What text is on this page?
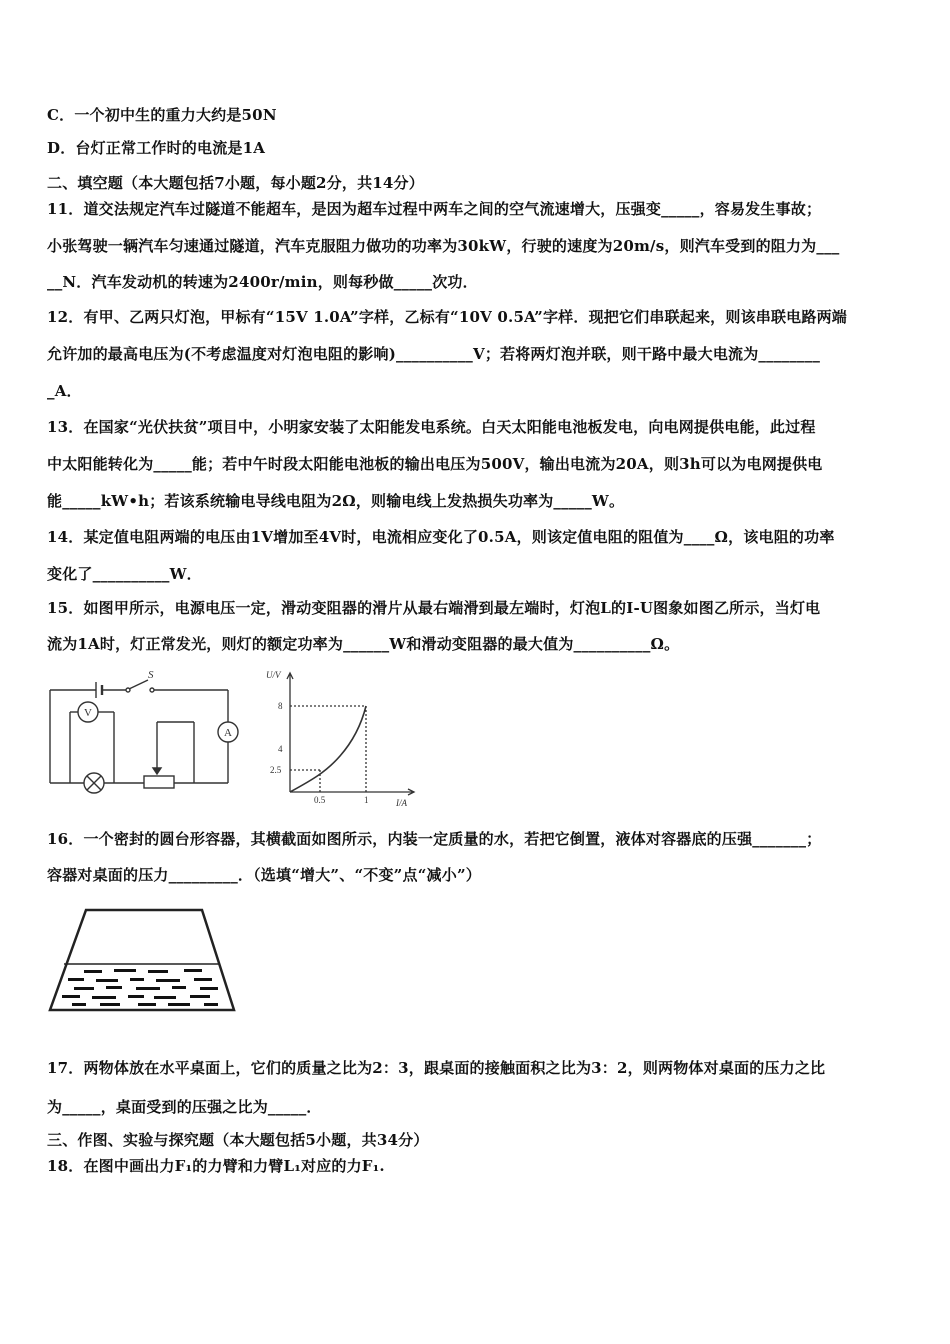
C．一个初中生的重力大约是50N
D．台灯正常工作时的电流是1A
二、填空题（本大题包括7小题，每小题2分，共14分）
11．道交法规定汽车过隧道不能超车，是因为超车过程中两车之间的空气流速增大，压强变_____，容易发生事故；
小张驾驶一辆汽车匀速通过隧道，汽车克服阻力做功的功率为30kW，行驶的速度为20m/s，则汽车受到的阻力为___
__N．汽车发动机的转速为2400r/min，则每秒做_____次功．
12．有甲、乙两只灯泡，甲标有“15V 1.0A”字样，乙标有“10V 0.5A”字样．现把它们串联起来，则该串联电路两端
允许加的最高电压为(不考虑温度对灯泡电阻的影响)__________V；若将两灯泡并联，则干路中最大电流为________
_A．
13．在国家“光伏扶贫”项目中，小明家安装了太阳能发电系统。白天太阳能电池板发电，向电网提供电能，此过程
中太阳能转化为_____能；若中午时段太阳能电池板的输出电压为500V，输出电流为20A，则3h可以为电网提供电
能_____kW•h；若该系统输电导线电阻为2Ω，则输电线上发热损失功率为_____W。
14．某定值电阻两端的电压由1V增加至4V时，电流相应变化了0.5A，则该定值电阻的阻值为____Ω，该电阻的功率
变化了__________W．
15．如图甲所示，电源电压一定，滑动变阻器的滑片从最右端滑到最左端时，灯泡L的I-U图象如图乙所示，当灯电
流为1A时，灯正常发光，则灯的额定功率为______W和滑动变阻器的最大值为__________Ω。
S
A
V
U/V
I/A
8
4
2.5
0.5	1
16．一个密封的圆台形容器，其横截面如图所示，内装一定质量的水，若把它倒置，液体对容器底的压强_______；
容器对桌面的压力_________．（选填“增大”、“不变”点“减小”）
17．两物体放在水平桌面上，它们的质量之比为2：3，跟桌面的接触面积之比为3：2，则两物体对桌面的压力之比
为_____，桌面受到的压强之比为_____．
三、作图、实验与探究题（本大题包括5小题，共34分）
18．在图中画出力F₁的力臂和力臂L₁对应的力F₁.
